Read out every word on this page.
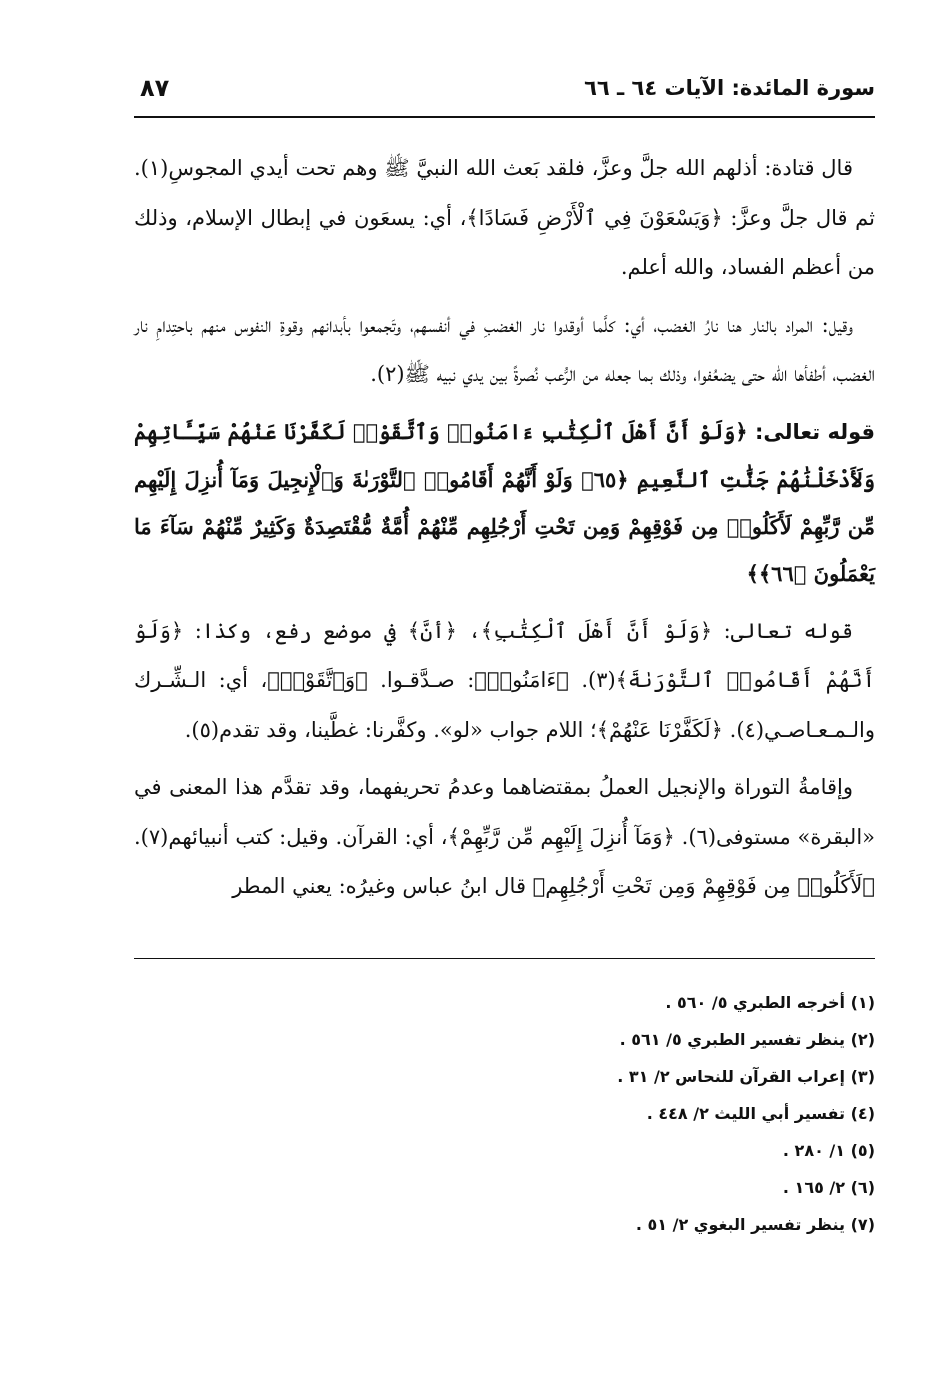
سورة المائدة: الآيات ٦٤ ـ ٦٦
٨٧

قال قتادة: أذلهم الله جلَّ وعزَّ، فلقد بَعث الله النبيَّ ﷺ وهم تحت أيدي المجوسِ(١). ثم قال جلَّ وعزَّ: ﴿وَيَسْعَوْنَ فِي ٱلْأَرْضِ فَسَادًا﴾، أي: يسعَون في إبطال الإسلام، وذلك من أعظم الفساد، والله أعلم.

وقيل: المراد بالنار هنا نارُ الغضب، أي: كلَّما أوقدوا نار الغضبِ في أنفسهم، وتَجمعوا بأبدانهم وقوةِ النفوس منهم باحتِدامِ نار الغضب، أطفأها الله حتى يضعُفوا، وذلك بما جعله من الرُّعب نُصرةً بين يدي نبيه ﷺ(٢).

قوله تعالى: ﴿وَلَوْ أَنَّ أَهْلَ ٱلْكِتَٰبِ ءَامَنُوا۟ وَٱتَّقَوْا۟ لَكَفَّرْنَا عَنْهُمْ سَيِّـَٔاتِهِمْ وَلَأَدْخَلْنَٰهُمْ جَنَّٰتِ ٱلنَّعِيمِ ﴿٦٥﴾ وَلَوْ أَنَّهُمْ أَقَامُوا۟ ٱلتَّوْرَىٰةَ وَٱلْإِنجِيلَ وَمَآ أُنزِلَ إِلَيْهِم مِّن رَّبِّهِمْ لَأَكَلُوا۟ مِن فَوْقِهِمْ وَمِن تَحْتِ أَرْجُلِهِم مِّنْهُمْ أُمَّةٌ مُّقْتَصِدَةٌ وَكَثِيرٌ مِّنْهُمْ سَآءَ مَا يَعْمَلُونَ ﴿٦٦﴾﴾

قوله تعالى: ﴿وَلَوْ أَنَّ أَهْلَ ٱلْكِتَٰبِ﴾، ﴿أنَّ﴾ في موضع رفع، وكذا: ﴿وَلَوْ أَنَّهُمْ أَقَامُوا۟ ٱلتَّوْرَىٰةَ﴾(٣). ﴿ءَامَنُوا۟﴾: صـدَّقـوا. ﴿وَٱتَّقَوْا۟﴾، أي: الـشِّـرك والـمـعـاصـي(٤). ﴿لَكَفَّرْنَا عَنْهُمْ﴾؛ اللام جواب «لو». وكفَّرنا: غطَّينا، وقد تقدم(٥).

وإقامةُ التوراة والإنجيل العملُ بمقتضاهما وعدمُ تحريفهما، وقد تقدَّم هذا المعنى في «البقرة» مستوفى(٦). ﴿وَمَآ أُنزِلَ إِلَيْهِم مِّن رَّبِّهِمْ﴾، أي: القرآن. وقيل: كتب أنبيائهم(٧). ﴿لَأَكَلُوا۟ مِن فَوْقِهِمْ وَمِن تَحْتِ أَرْجُلِهِم﴾ قال ابنُ عباس وغيرُه: يعني المطر

(١) أخرجه الطبري ٥/ ٥٦٠ .
(٢) ينظر تفسير الطبري ٥/ ٥٦١ .
(٣) إعراب القرآن للنحاس ٢/ ٣١ .
(٤) تفسير أبي الليث ٢/ ٤٤٨ .
(٥) ١/ ٢٨٠ .
(٦) ٢/ ١٦٥ .
(٧) ينظر تفسير البغوي ٢/ ٥١ .
